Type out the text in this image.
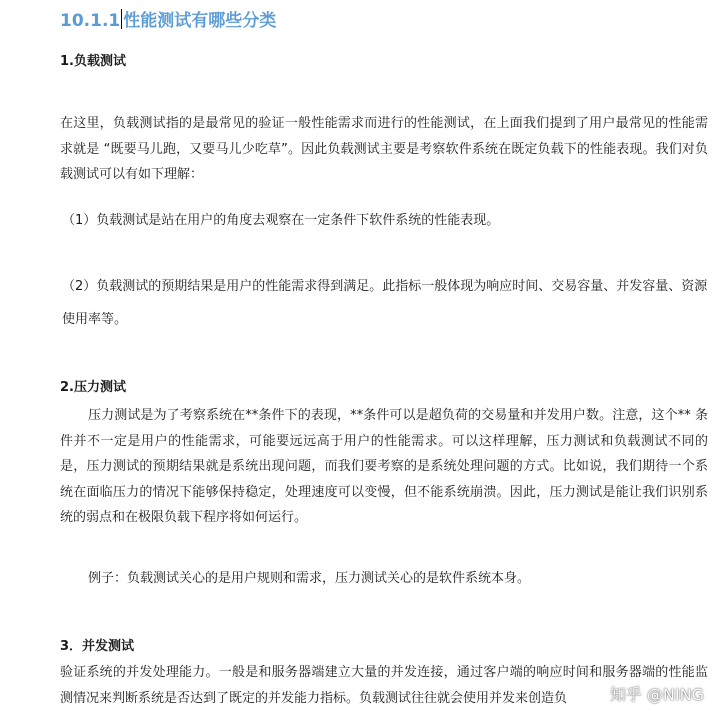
10.1.1 性能测试有哪些分类
1.负载测试
在这里，负载测试指的是最常见的验证一般性能需求而进行的性能测试，在上面我们提到了用户最常见的性能需求就是 “既要马儿跑，又要马儿少吃草”。因此负载测试主要是考察软件系统在既定负载下的性能表现。我们对负载测试可以有如下理解：
（1）负载测试是站在用户的角度去观察在一定条件下软件系统的性能表现。
（2）负载测试的预期结果是用户的性能需求得到满足。此指标一般体现为响应时间、交易容量、并发容量、资源使用率等。
2.压力测试
压力测试是为了考察系统在**条件下的表现，**条件可以是超负荷的交易量和并发用户数。注意，这个** 条件并不一定是用户的性能需求，可能要远远高于用户的性能需求。可以这样理解，压力测试和负载测试不同的是，压力测试的预期结果就是系统出现问题，而我们要考察的是系统处理问题的方式。比如说，我们期待一个系统在面临压力的情况下能够保持稳定，处理速度可以变慢，但不能系统崩溃。因此，压力测试是能让我们识别系统的弱点和在极限负载下程序将如何运行。
例子：负载测试关心的是用户规则和需求，压力测试关心的是软件系统本身。
3．并发测试
验证系统的并发处理能力。一般是和服务器端建立大量的并发连接，通过客户端的响应时间和服务器端的性能监测情况来判断系统是否达到了既定的并发能力指标。负载测试往往就会使用并发来创造负	知乎 @NING
